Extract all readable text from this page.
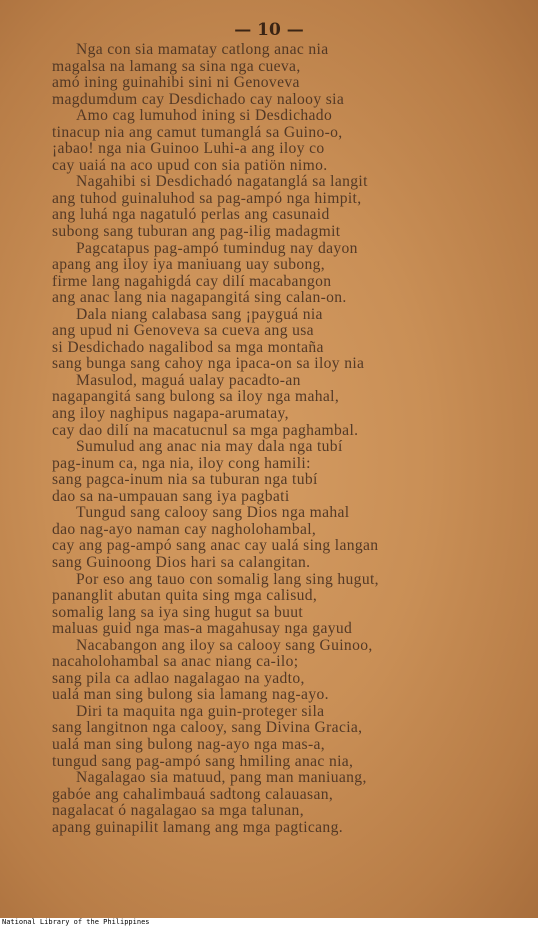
— 10 —
Nga con sia mamatay catlong anac nia
magalsa na lamang sa sina nga cueva,
amó ining guinahibi sini ni Genoveva
magdumdum cay Desdichado cay nalooy sia
Amo cag lumuhod ining si Desdichado
tinacup nia ang camut tumanglá sa Guino-o,
¡abao! nga nia Guinoo Luhi-a ang iloy co
cay uaiá na aco upud con sia patiön nimo.
Nagahibi si Desdichadó nagatanglá sa langit
ang tuhod guinaluhod sa pag-ampó nga himpit,
ang luhá nga nagatuló perlas ang casunaid
subong sang tuburan ang pag-ilig madagmit
Pagcatapus pag-ampó tumindug nay dayon
apang ang iloy iya maniuang uay subong,
firme lang nagahigdá cay dilí macabangon
ang anac lang nia nagapangitá sing calan-on.
Dala niang calabasa sang ¡payguá nia
ang upud ni Genoveva sa cueva ang usa
si Desdichado nagalibod sa mga montaña
sang bunga sang cahoy nga ipaca-on sa iloy nia
Masulod, maguá ualay pacadto-an
nagapangitá sang bulong sa iloy nga mahal,
ang iloy naghipus nagapa-arumatay,
cay dao dilí na macatucnul sa mga paghambal.
Sumulud ang anac nia may dala nga tubí
pag-inum ca, nga nia, iloy cong hamili:
sang pagca-inum nia sa tuburan nga tubí
dao sa na-umpauan sang iya pagbati
Tungud sang calooy sang Dios nga mahal
dao nag-ayo naman cay nagholohambal,
cay ang pag-ampó sang anac cay ualá sing langan
sang Guinoong Dios hari sa calangitan.
Por eso ang tauo con somalig lang sing hugut,
pananglit abutan quita sing mga calisud,
somalig lang sa iya sing hugut sa buut
maluas guid nga mas-a magahusay nga gayud
Nacabangon ang iloy sa calooy sang Guinoo,
nacaholohambal sa anac niang ca-ilo;
sang pila ca adlao nagalagao na yadto,
ualá man sing bulong sia lamang nag-ayo.
Diri ta maquita nga guin-proteger sila
sang langitnon nga calooy, sang Divina Gracia,
ualá man sing bulong nag-ayo nga mas-a,
tungud sang pag-ampó sang hmiling anac nia,
Nagalagao sia matuud, pang man maniuang,
gabóe ang cahalimbauá sadtong calauasan,
nagalacat ó nagalagao sa mga talunan,
apang guinapilit lamang ang mga pagticang.
National Library of the Philippines
